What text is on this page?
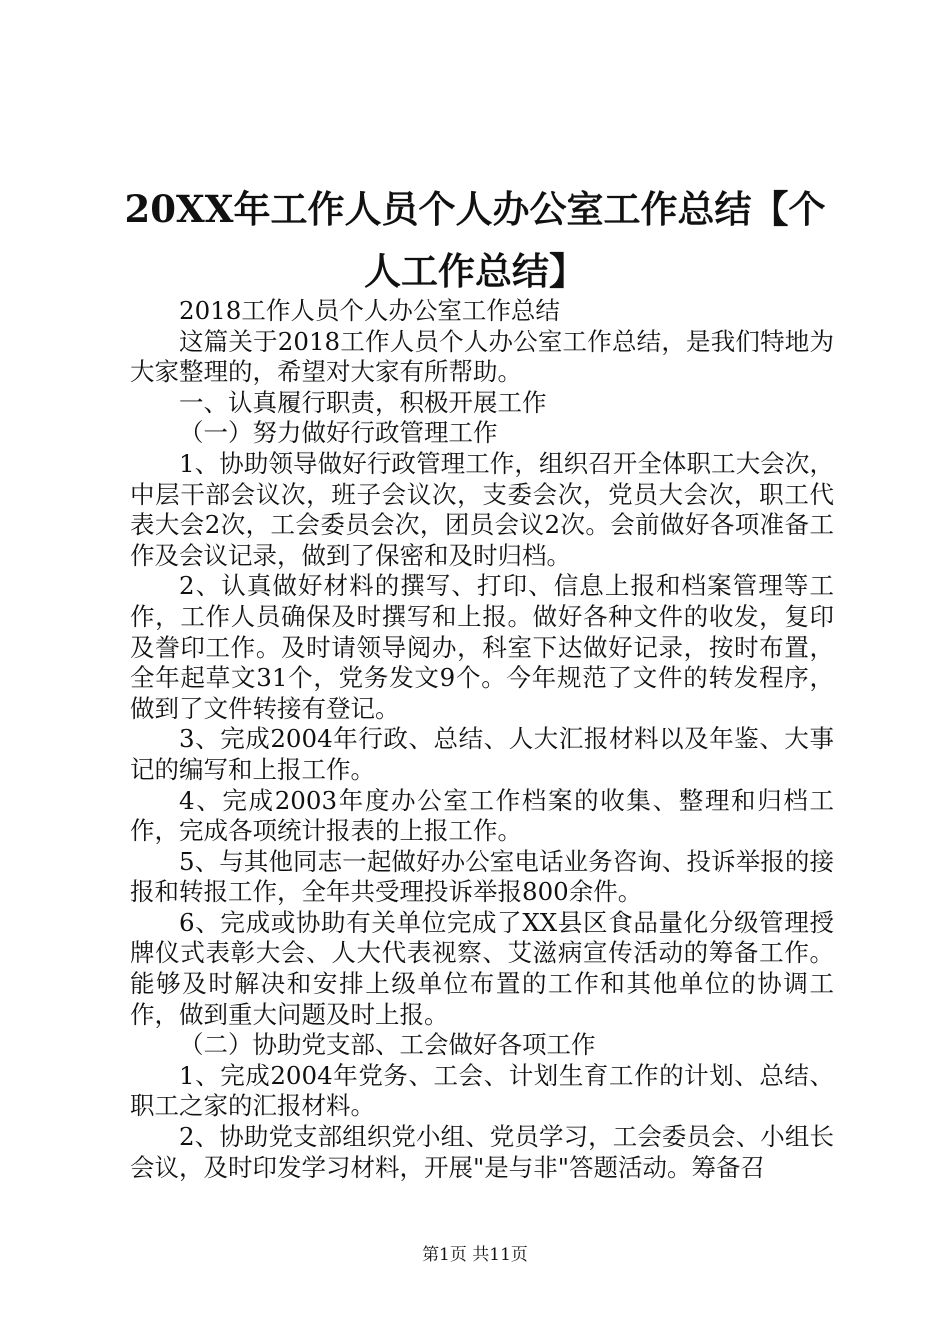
20XX年工作人员个人办公室工作总结【个人工作总结】

2018工作人员个人办公室工作总结

这篇关于2018工作人员个人办公室工作总结，是我们特地为大家整理的，希望对大家有所帮助。

一、认真履行职责，积极开展工作

（一）努力做好行政管理工作

1、协助领导做好行政管理工作，组织召开全体职工大会次，中层干部会议次，班子会议次，支委会次，党员大会次，职工代表大会2次，工会委员会次，团员会议2次。会前做好各项准备工作及会议记录，做到了保密和及时归档。

2、认真做好材料的撰写、打印、信息上报和档案管理等工作，工作人员确保及时撰写和上报。做好各种文件的收发，复印及誊印工作。及时请领导阅办，科室下达做好记录，按时布置，全年起草文31个，党务发文9个。今年规范了文件的转发程序，做到了文件转接有登记。

3、完成2004年行政、总结、人大汇报材料以及年鉴、大事记的编写和上报工作。

4、完成2003年度办公室工作档案的收集、整理和归档工作，完成各项统计报表的上报工作。

5、与其他同志一起做好办公室电话业务咨询、投诉举报的接报和转报工作，全年共受理投诉举报800余件。

6、完成或协助有关单位完成了XX县区食品量化分级管理授牌仪式表彰大会、人大代表视察、艾滋病宣传活动的筹备工作。能够及时解决和安排上级单位布置的工作和其他单位的协调工作，做到重大问题及时上报。

（二）协助党支部、工会做好各项工作

1、完成2004年党务、工会、计划生育工作的计划、总结、职工之家的汇报材料。

2、协助党支部组织党小组、党员学习，工会委员会、小组长会议，及时印发学习材料，开展"是与非"答题活动。筹备召

第1页 共11页
